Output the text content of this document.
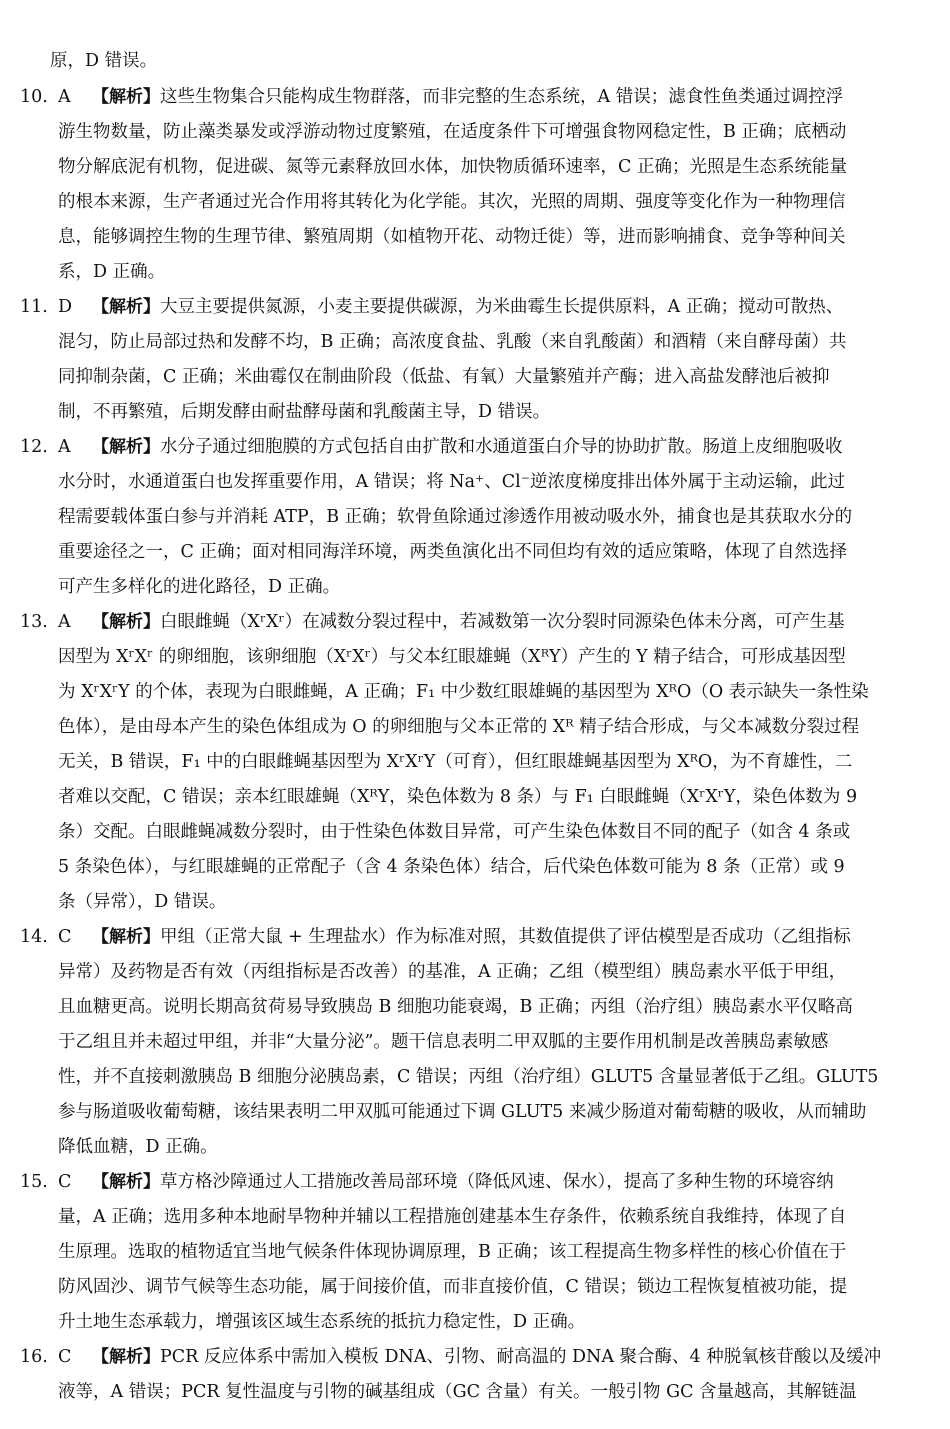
原，D 错误。
10. A 【解析】这些生物集合只能构成生物群落，而非完整的生态系统，A 错误；滤食性鱼类通过调控浮
游生物数量，防止藻类暴发或浮游动物过度繁殖，在适度条件下可增强食物网稳定性，B 正确；底栖动
物分解底泥有机物，促进碳、氮等元素释放回水体，加快物质循环速率，C 正确；光照是生态系统能量
的根本来源，生产者通过光合作用将其转化为化学能。其次，光照的周期、强度等变化作为一种物理信
息，能够调控生物的生理节律、繁殖周期（如植物开花、动物迁徙）等，进而影响捕食、竞争等种间关
系，D 正确。
11. D 【解析】大豆主要提供氮源，小麦主要提供碳源，为米曲霉生长提供原料，A 正确；搅动可散热、
混匀，防止局部过热和发酵不均，B 正确；高浓度食盐、乳酸（来自乳酸菌）和酒精（来自酵母菌）共
同抑制杂菌，C 正确；米曲霉仅在制曲阶段（低盐、有氧）大量繁殖并产酶；进入高盐发酵池后被抑
制，不再繁殖，后期发酵由耐盐酵母菌和乳酸菌主导，D 错误。
12. A 【解析】水分子通过细胞膜的方式包括自由扩散和水通道蛋白介导的协助扩散。肠道上皮细胞吸收
水分时，水通道蛋白也发挥重要作用，A 错误；将 Na⁺、Cl⁻逆浓度梯度排出体外属于主动运输，此过
程需要载体蛋白参与并消耗 ATP，B 正确；软骨鱼除通过渗透作用被动吸水外，捕食也是其获取水分的
重要途径之一，C 正确；面对相同海洋环境，两类鱼演化出不同但均有效的适应策略，体现了自然选择
可产生多样化的进化路径，D 正确。
13. A 【解析】白眼雌蝇（XʳXʳ）在减数分裂过程中，若减数第一次分裂时同源染色体未分离，可产生基
因型为 XʳXʳ 的卵细胞，该卵细胞（XʳXʳ）与父本红眼雄蝇（XᴿY）产生的 Y 精子结合，可形成基因型
为 XʳXʳY 的个体，表现为白眼雌蝇，A 正确；F₁ 中少数红眼雄蝇的基因型为 XᴿO（O 表示缺失一条性染
色体），是由母本产生的染色体组成为 O 的卵细胞与父本正常的 Xᴿ 精子结合形成，与父本减数分裂过程
无关，B 错误，F₁ 中的白眼雌蝇基因型为 XʳXʳY（可育），但红眼雄蝇基因型为 XᴿO，为不育雄性，二
者难以交配，C 错误；亲本红眼雄蝇（XᴿY，染色体数为 8 条）与 F₁ 白眼雌蝇（XʳXʳY，染色体数为 9
条）交配。白眼雌蝇减数分裂时，由于性染色体数目异常，可产生染色体数目不同的配子（如含 4 条或
5 条染色体），与红眼雄蝇的正常配子（含 4 条染色体）结合，后代染色体数可能为 8 条（正常）或 9
条（异常），D 错误。
14. C 【解析】甲组（正常大鼠 + 生理盐水）作为标准对照，其数值提供了评估模型是否成功（乙组指标
异常）及药物是否有效（丙组指标是否改善）的基准，A 正确；乙组（模型组）胰岛素水平低于甲组，
且血糖更高。说明长期高贫荷易导致胰岛 B 细胞功能衰竭，B 正确；丙组（治疗组）胰岛素水平仅略高
于乙组且并未超过甲组，并非“大量分泌”。题干信息表明二甲双胍的主要作用机制是改善胰岛素敏感
性，并不直接刺激胰岛 B 细胞分泌胰岛素，C 错误；丙组（治疗组）GLUT5 含量显著低于乙组。GLUT5
参与肠道吸收葡萄糖，该结果表明二甲双胍可能通过下调 GLUT5 来减少肠道对葡萄糖的吸收，从而辅助
降低血糖，D 正确。
15. C 【解析】草方格沙障通过人工措施改善局部环境（降低风速、保水），提高了多种生物的环境容纳
量，A 正确；选用多种本地耐旱物种并辅以工程措施创建基本生存条件，依赖系统自我维持，体现了自
生原理。选取的植物适宜当地气候条件体现协调原理，B 正确；该工程提高生物多样性的核心价值在于
防风固沙、调节气候等生态功能，属于间接价值，而非直接价值，C 错误；锁边工程恢复植被功能，提
升土地生态承载力，增强该区域生态系统的抵抗力稳定性，D 正确。
16. C 【解析】PCR 反应体系中需加入模板 DNA、引物、耐高温的 DNA 聚合酶、4 种脱氧核苷酸以及缓冲
液等，A 错误；PCR 复性温度与引物的碱基组成（GC 含量）有关。一般引物 GC 含量越高，其解链温
